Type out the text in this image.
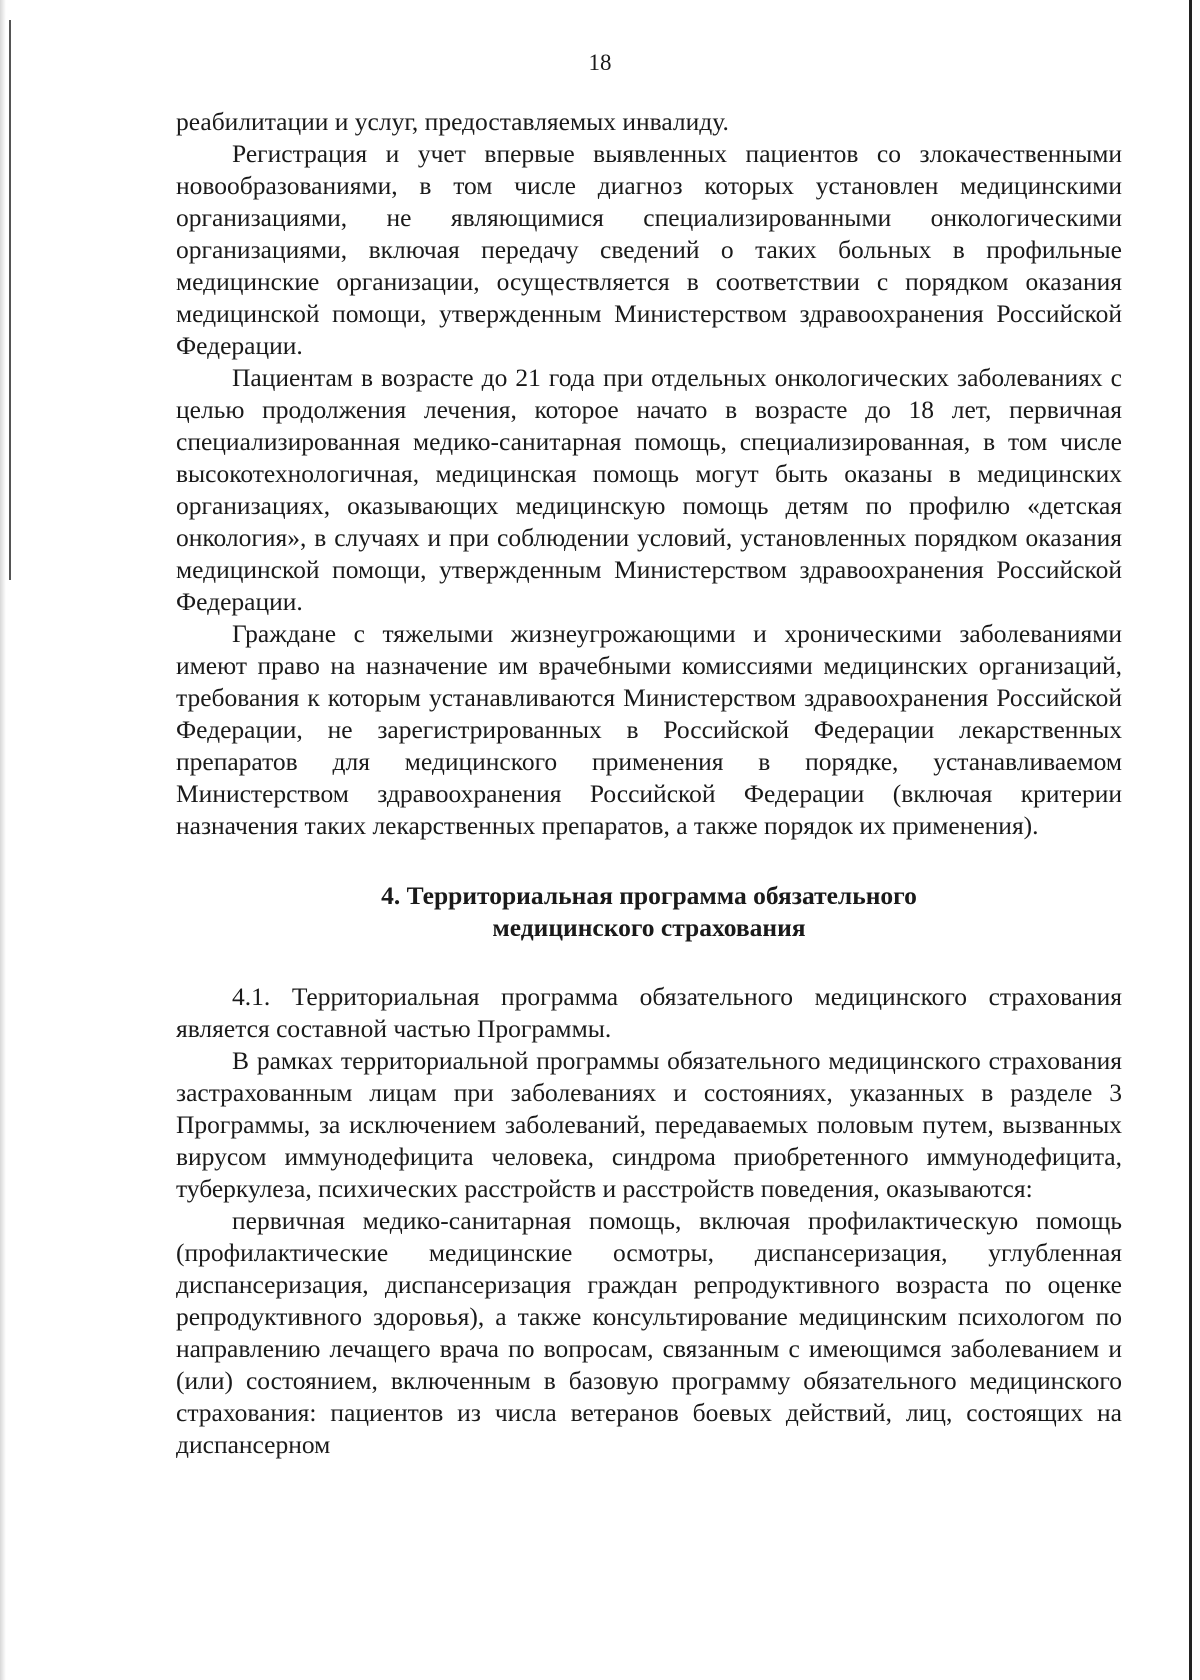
18

реабилитации и услуг, предоставляемых инвалиду.

Регистрация и учет впервые выявленных пациентов со злокачественными новообразованиями, в том числе диагноз которых установлен медицинскими организациями, не являющимися специализированными онкологическими организациями, включая передачу сведений о таких больных в профильные медицинские организации, осуществляется в соответствии с порядком оказания медицинской помощи, утвержденным Министерством здравоохранения Российской Федерации.

Пациентам в возрасте до 21 года при отдельных онкологических заболеваниях с целью продолжения лечения, которое начато в возрасте до 18 лет, первичная специализированная медико-санитарная помощь, специализированная, в том числе высокотехнологичная, медицинская помощь могут быть оказаны в медицинских организациях, оказывающих медицинскую помощь детям по профилю «детская онкология», в случаях и при соблюдении условий, установленных порядком оказания медицинской помощи, утвержденным Министерством здравоохранения Российской Федерации.

Граждане с тяжелыми жизнеугрожающими и хроническими заболеваниями имеют право на назначение им врачебными комиссиями медицинских организаций, требования к которым устанавливаются Министерством здравоохранения Российской Федерации, не зарегистрированных в Российской Федерации лекарственных препаратов для медицинского применения в порядке, устанавливаемом Министерством здравоохранения Российской Федерации (включая критерии назначения таких лекарственных препаратов, а также порядок их применения).

4. Территориальная программа обязательного
медицинского страхования

4.1. Территориальная программа обязательного медицинского страхования является составной частью Программы.

В рамках территориальной программы обязательного медицинского страхования застрахованным лицам при заболеваниях и состояниях, указанных в разделе 3 Программы, за исключением заболеваний, передаваемых половым путем, вызванных вирусом иммунодефицита человека, синдрома приобретенного иммунодефицита, туберкулеза, психических расстройств и расстройств поведения, оказываются:

первичная медико-санитарная помощь, включая профилактическую помощь (профилактические медицинские осмотры, диспансеризация, углубленная диспансеризация, диспансеризация граждан репродуктивного возраста по оценке репродуктивного здоровья), а также консультирование медицинским психологом по направлению лечащего врача по вопросам, связанным с имеющимся заболеванием и (или) состоянием, включенным в базовую программу обязательного медицинского страхования: пациентов из числа ветеранов боевых действий, лиц, состоящих на диспансерном
